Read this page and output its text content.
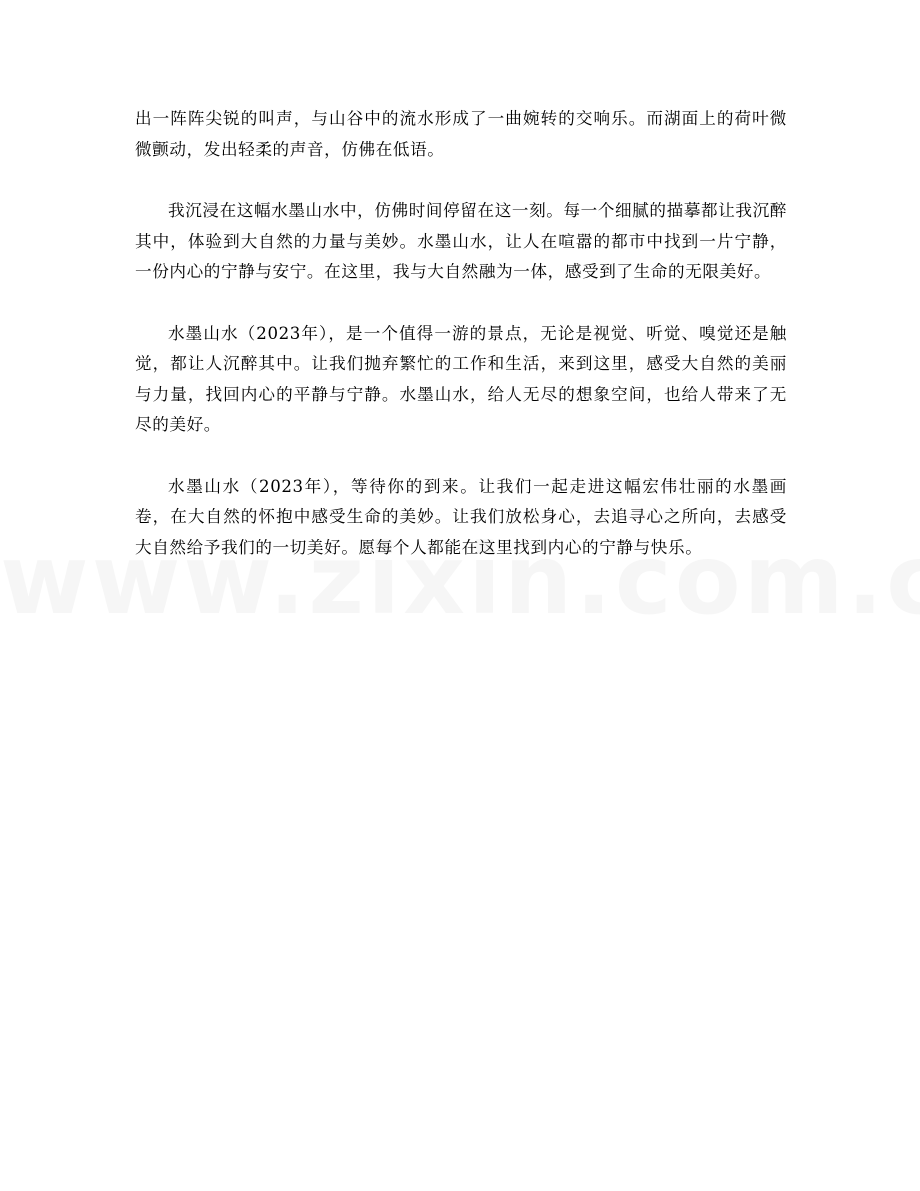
出一阵阵尖锐的叫声，与山谷中的流水形成了一曲婉转的交响乐。而湖面上的荷叶微微颤动，发出轻柔的声音，仿佛在低语。

我沉浸在这幅水墨山水中，仿佛时间停留在这一刻。每一个细腻的描摹都让我沉醉其中，体验到大自然的力量与美妙。水墨山水，让人在喧嚣的都市中找到一片宁静，一份内心的宁静与安宁。在这里，我与大自然融为一体，感受到了生命的无限美好。

水墨山水（2023年），是一个值得一游的景点，无论是视觉、听觉、嗅觉还是触觉，都让人沉醉其中。让我们抛弃繁忙的工作和生活，来到这里，感受大自然的美丽与力量，找回内心的平静与宁静。水墨山水，给人无尽的想象空间，也给人带来了无尽的美好。

水墨山水（2023年），等待你的到来。让我们一起走进这幅宏伟壮丽的水墨画卷，在大自然的怀抱中感受生命的美妙。让我们放松身心，去追寻心之所向，去感受大自然给予我们的一切美好。愿每个人都能在这里找到内心的宁静与快乐。
